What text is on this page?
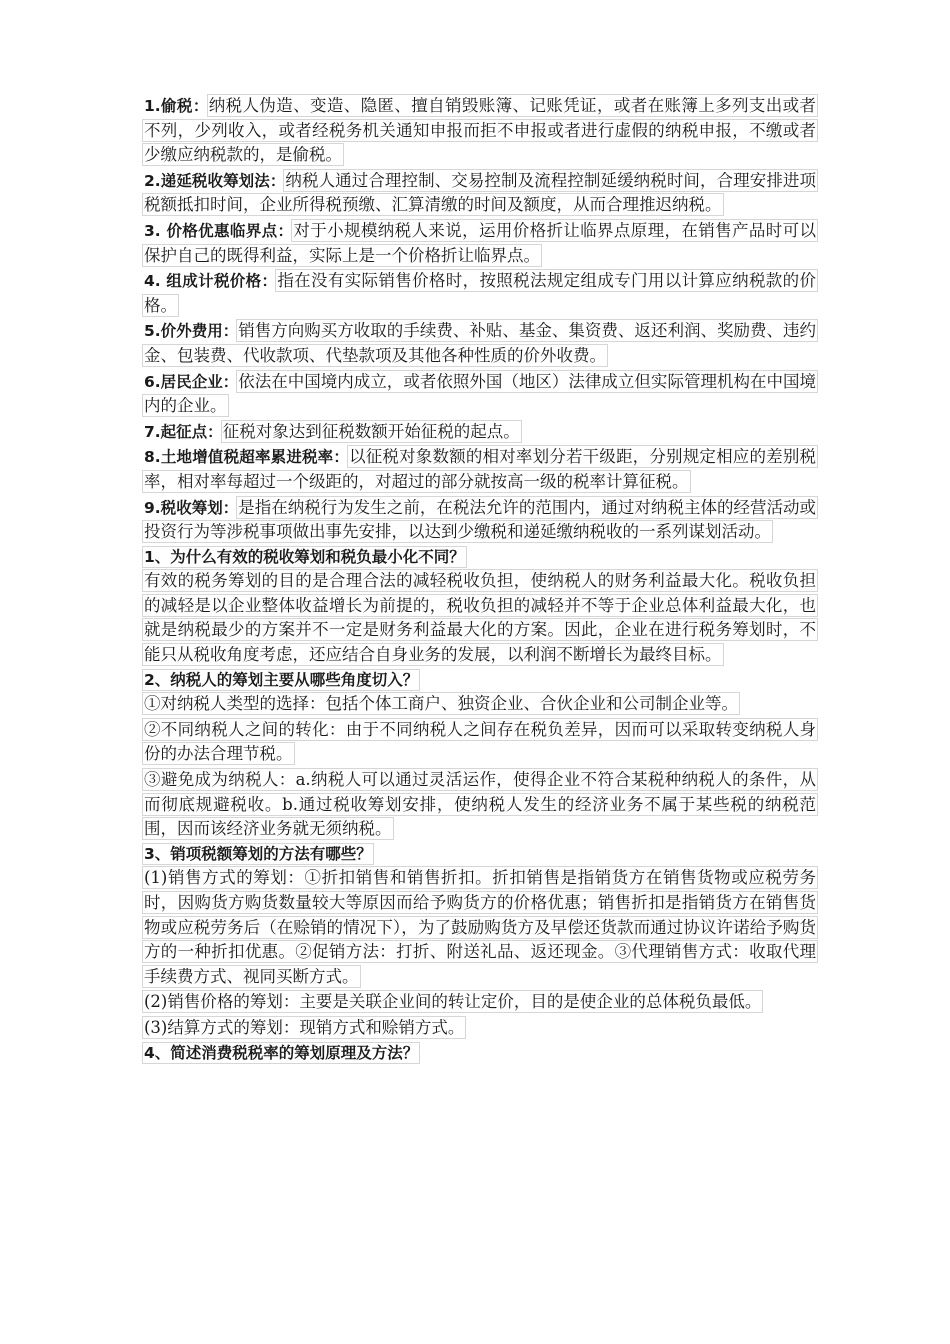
1.偷税：纳税人伪造、变造、隐匿、擅自销毁账簿、记账凭证，或者在账簿上多列支出或者不列，少列收入，或者经税务机关通知申报而拒不申报或者进行虚假的纳税申报，不缴或者少缴应纳税款的，是偷税。

2.递延税收筹划法：纳税人通过合理控制、交易控制及流程控制延缓纳税时间，合理安排进项税额抵扣时间，企业所得税预缴、汇算清缴的时间及额度，从而合理推迟纳税。

3. 价格优惠临界点：对于小规模纳税人来说，运用价格折让临界点原理，在销售产品时可以保护自己的既得利益，实际上是一个价格折让临界点。

4. 组成计税价格：指在没有实际销售价格时，按照税法规定组成专门用以计算应纳税款的价格。

5.价外费用：销售方向购买方收取的手续费、补贴、基金、集资费、返还利润、奖励费、违约金、包装费、代收款项、代垫款项及其他各种性质的价外收费。

6.居民企业：依法在中国境内成立，或者依照外国（地区）法律成立但实际管理机构在中国境内的企业。

7.起征点：征税对象达到征税数额开始征税的起点。

8.土地增值税超率累进税率：以征税对象数额的相对率划分若干级距，分别规定相应的差别税率，相对率每超过一个级距的，对超过的部分就按高一级的税率计算征税。

9.税收筹划：是指在纳税行为发生之前，在税法允许的范围内，通过对纳税主体的经营活动或投资行为等涉税事项做出事先安排，以达到少缴税和递延缴纳税收的一系列谋划活动。

1、为什么有效的税收筹划和税负最小化不同？

有效的税务筹划的目的是合理合法的减轻税收负担，使纳税人的财务利益最大化。税收负担的减轻是以企业整体收益增长为前提的，税收负担的减轻并不等于企业总体利益最大化，也就是纳税最少的方案并不一定是财务利益最大化的方案。因此，企业在进行税务筹划时，不能只从税收角度考虑，还应结合自身业务的发展，以利润不断增长为最终目标。

2、纳税人的筹划主要从哪些角度切入？

①对纳税人类型的选择：包括个体工商户、独资企业、合伙企业和公司制企业等。

②不同纳税人之间的转化：由于不同纳税人之间存在税负差异，因而可以采取转变纳税人身份的办法合理节税。

③避免成为纳税人：a.纳税人可以通过灵活运作，使得企业不符合某税种纳税人的条件，从而彻底规避税收。b.通过税收筹划安排，使纳税人发生的经济业务不属于某些税的纳税范围，因而该经济业务就无须纳税。

3、销项税额筹划的方法有哪些？

(1)销售方式的筹划：①折扣销售和销售折扣。折扣销售是指销货方在销售货物或应税劳务时，因购货方购货数量较大等原因而给予购货方的价格优惠；销售折扣是指销货方在销售货物或应税劳务后（在赊销的情况下），为了鼓励购货方及早偿还货款而通过协议许诺给予购货方的一种折扣优惠。②促销方法：打折、附送礼品、返还现金。③代理销售方式：收取代理手续费方式、视同买断方式。

(2)销售价格的筹划：主要是关联企业间的转让定价，目的是使企业的总体税负最低。

(3)结算方式的筹划：现销方式和赊销方式。

4、简述消费税税率的筹划原理及方法？
